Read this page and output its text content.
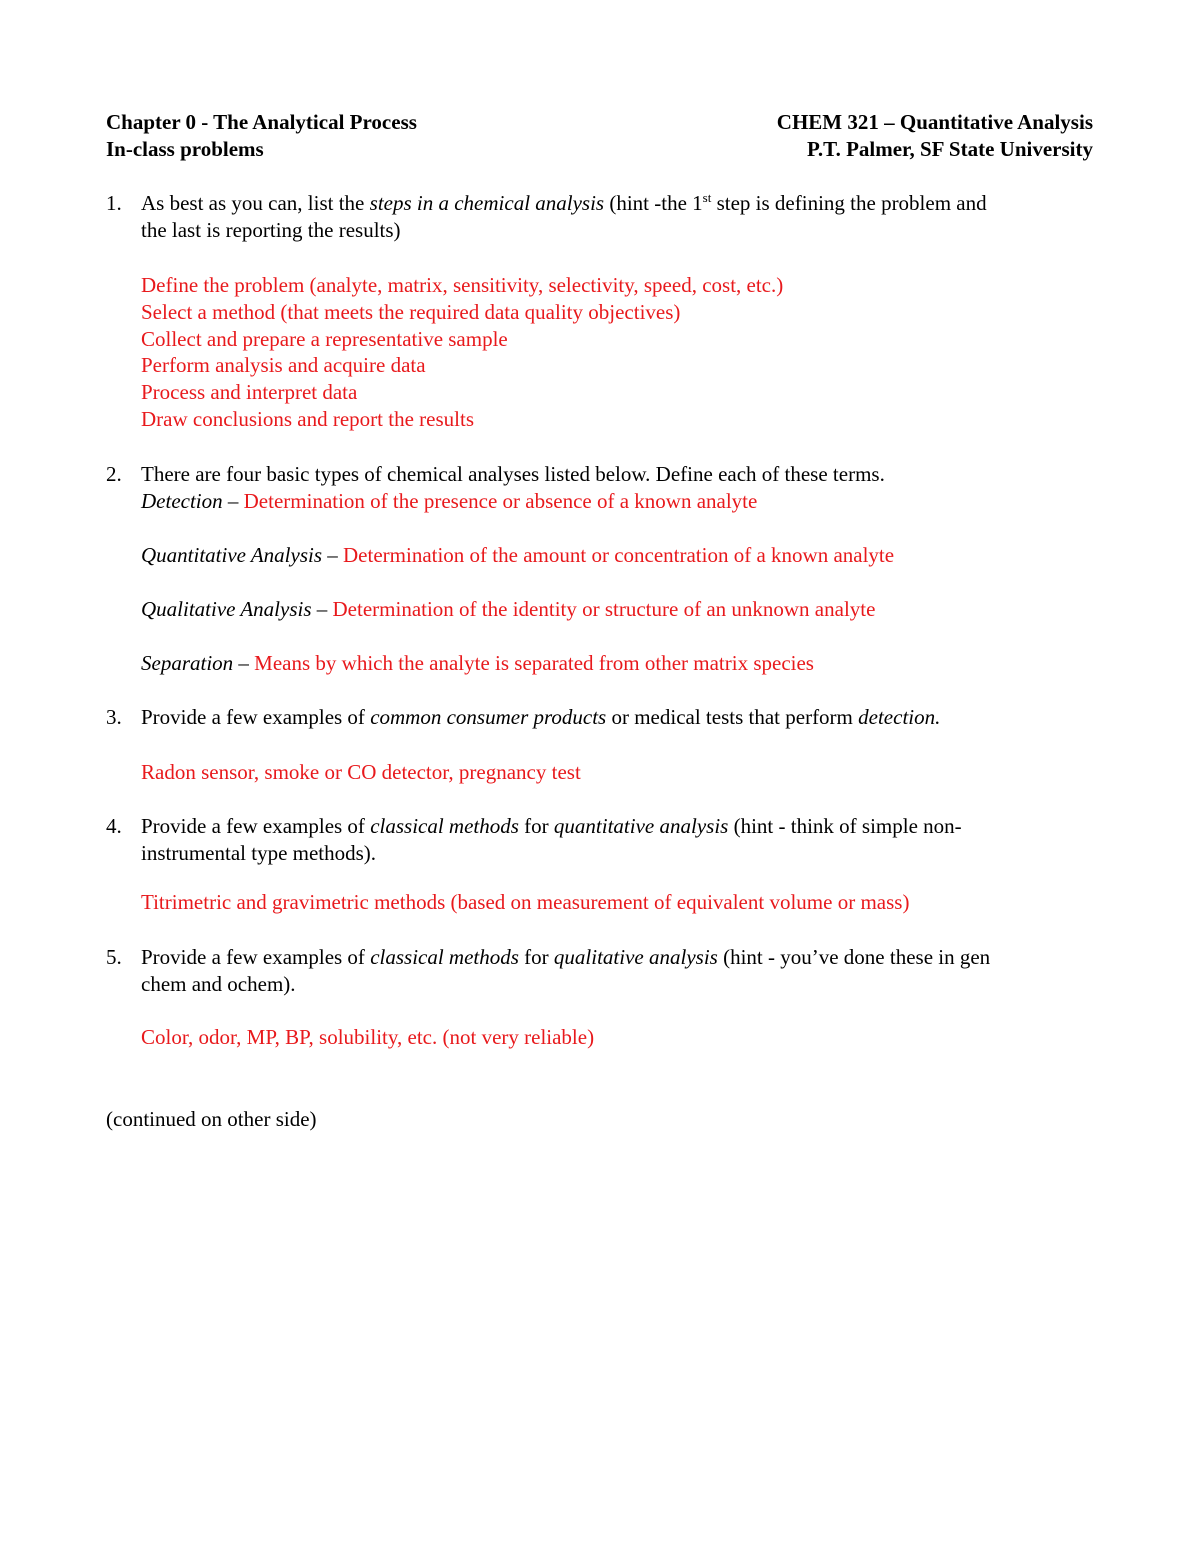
Chapter 0 - The Analytical Process	CHEM 321 – Quantitative Analysis
In-class problems	P.T. Palmer, SF State University
1. As best as you can, list the steps in a chemical analysis (hint -the 1st step is defining the problem and
the last is reporting the results)
Define the problem (analyte, matrix, sensitivity, selectivity, speed, cost, etc.)
Select a method (that meets the required data quality objectives)
Collect and prepare a representative sample
Perform analysis and acquire data
Process and interpret data
Draw conclusions and report the results
2. There are four basic types of chemical analyses listed below. Define each of these terms.
Detection – Determination of the presence or absence of a known analyte
Quantitative Analysis – Determination of the amount or concentration of a known analyte
Qualitative Analysis – Determination of the identity or structure of an unknown analyte
Separation – Means by which the analyte is separated from other matrix species
3. Provide a few examples of common consumer products or medical tests that perform detection.
Radon sensor, smoke or CO detector, pregnancy test
4. Provide a few examples of classical methods for quantitative analysis (hint - think of simple non-
instrumental type methods).
Titrimetric and gravimetric methods (based on measurement of equivalent volume or mass)
5. Provide a few examples of classical methods for qualitative analysis (hint - you’ve done these in gen
chem and ochem).
Color, odor, MP, BP, solubility, etc. (not very reliable)
(continued on other side)
